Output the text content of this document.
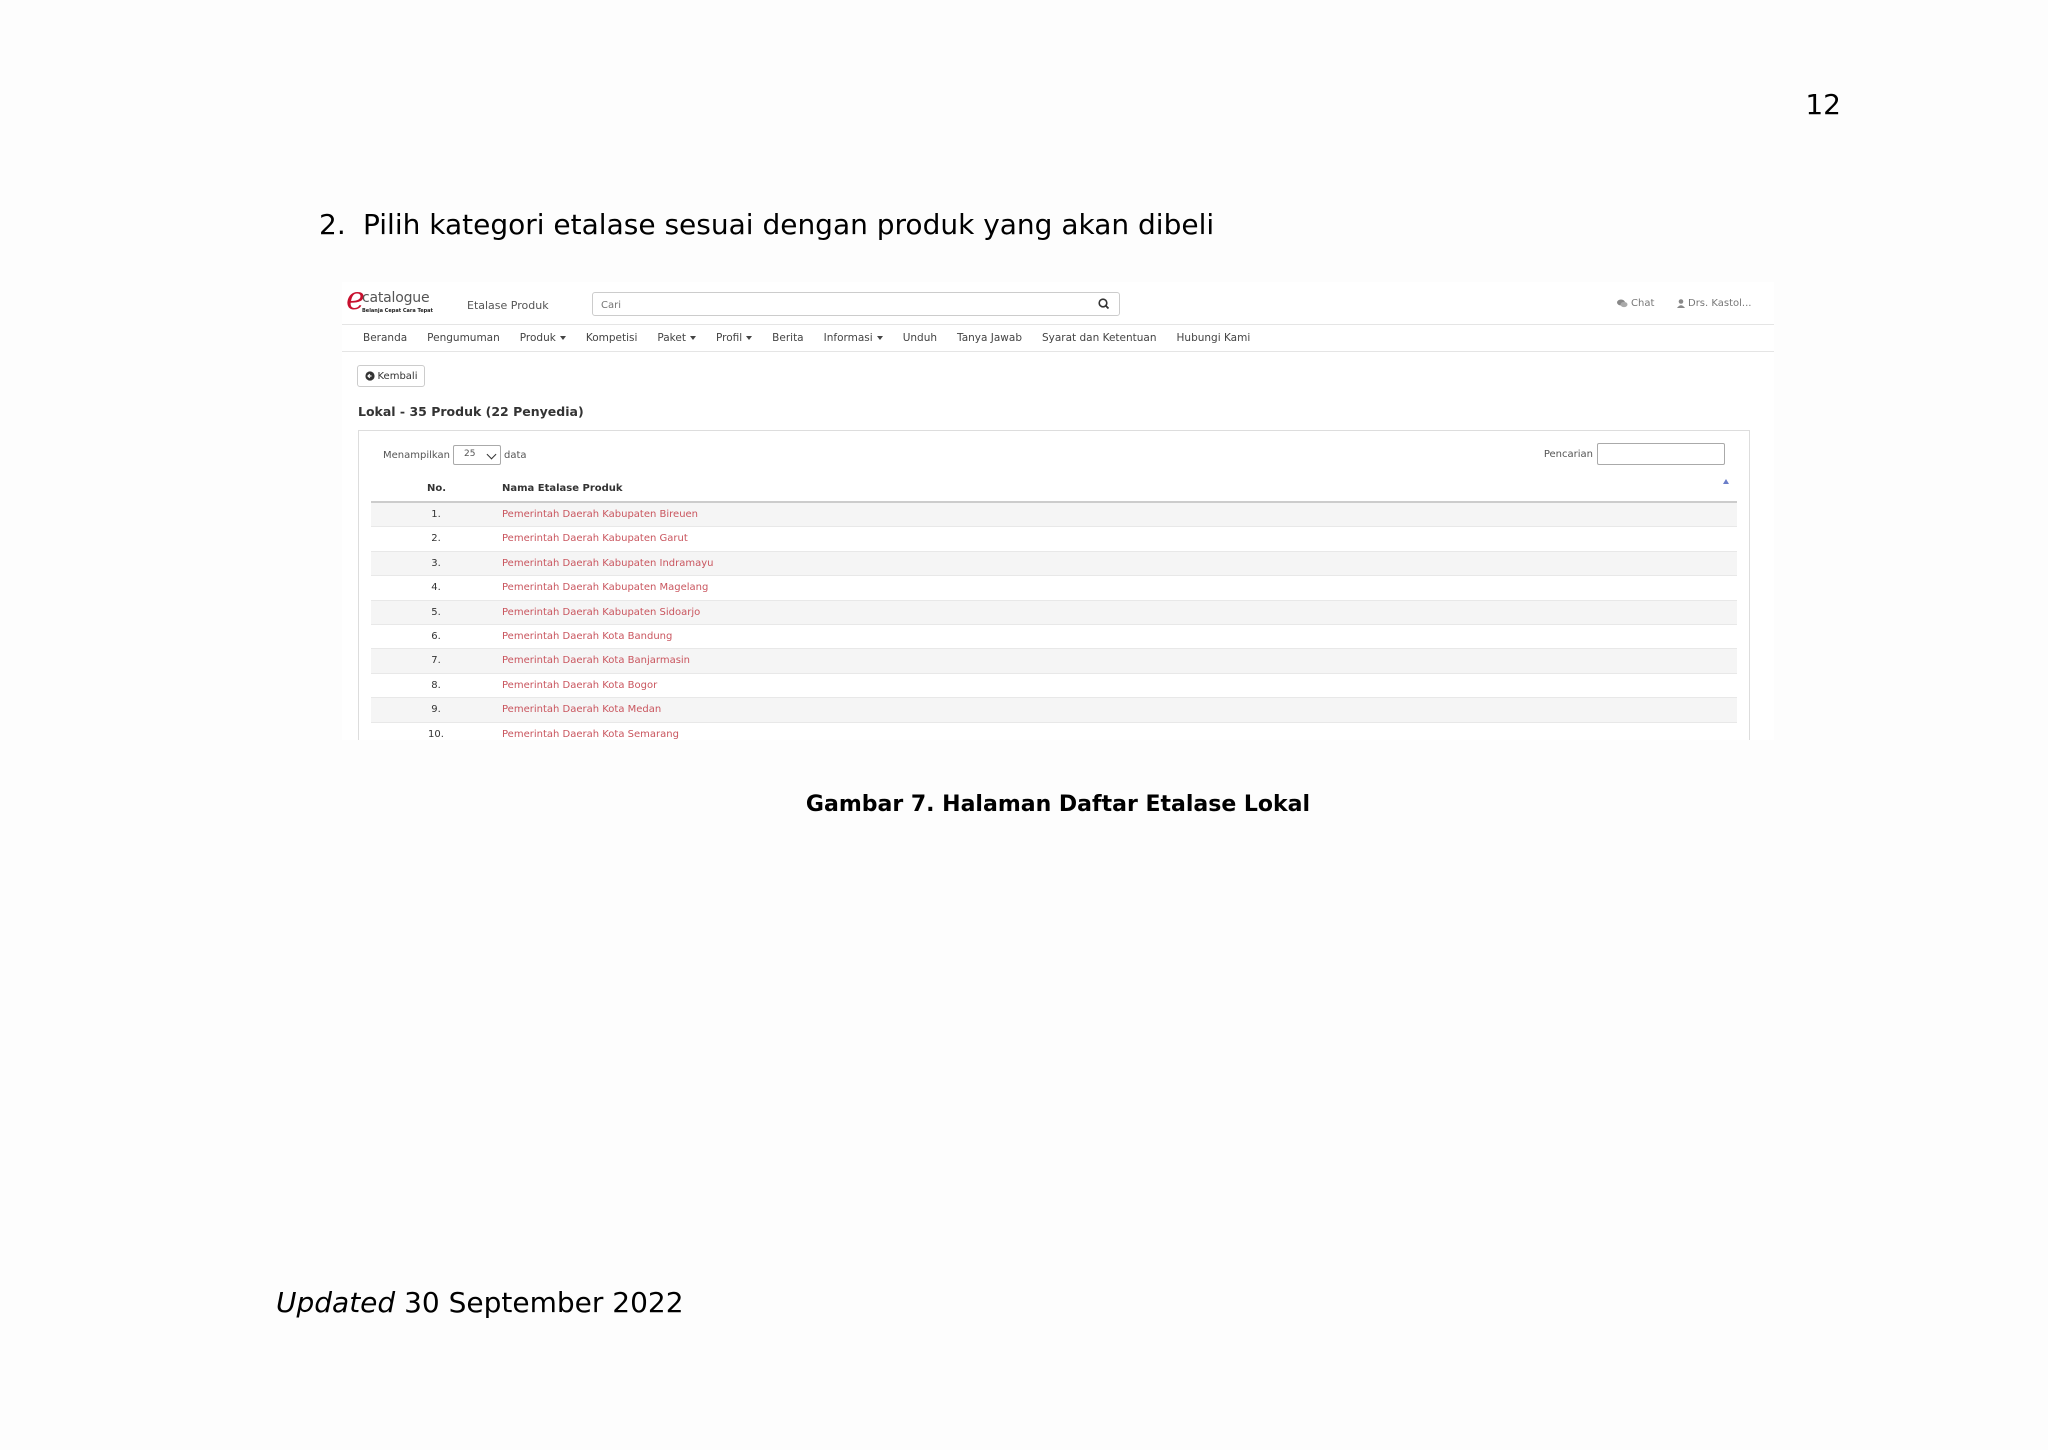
12
2. Pilih kategori etalase sesuai dengan produk yang akan dibeli
e
catalogue
Belanja Cepat Cara Tepat	Etalase Produk
Cari	Chat	Drs. Kastol...
Beranda Pengumuman Produk	Kompetisi Paket	Profil	Berita Informasi	Unduh Tanya Jawab Syarat dan Ketentuan Hubungi Kami
Kembali
Lokal - 35 Produk (22 Penyedia)
Menampilkan	25	data	Pencarian
No.	Nama Etalase Produk
1.	Pemerintah Daerah Kabupaten Bireuen
2.	Pemerintah Daerah Kabupaten Garut
3.	Pemerintah Daerah Kabupaten Indramayu
4.	Pemerintah Daerah Kabupaten Magelang
5.	Pemerintah Daerah Kabupaten Sidoarjo
6.	Pemerintah Daerah Kota Bandung
7.	Pemerintah Daerah Kota Banjarmasin
8.	Pemerintah Daerah Kota Bogor
9.	Pemerintah Daerah Kota Medan
10.	Pemerintah Daerah Kota Semarang
Gambar 7. Halaman Daftar Etalase Lokal
Updated 30 September 2022
